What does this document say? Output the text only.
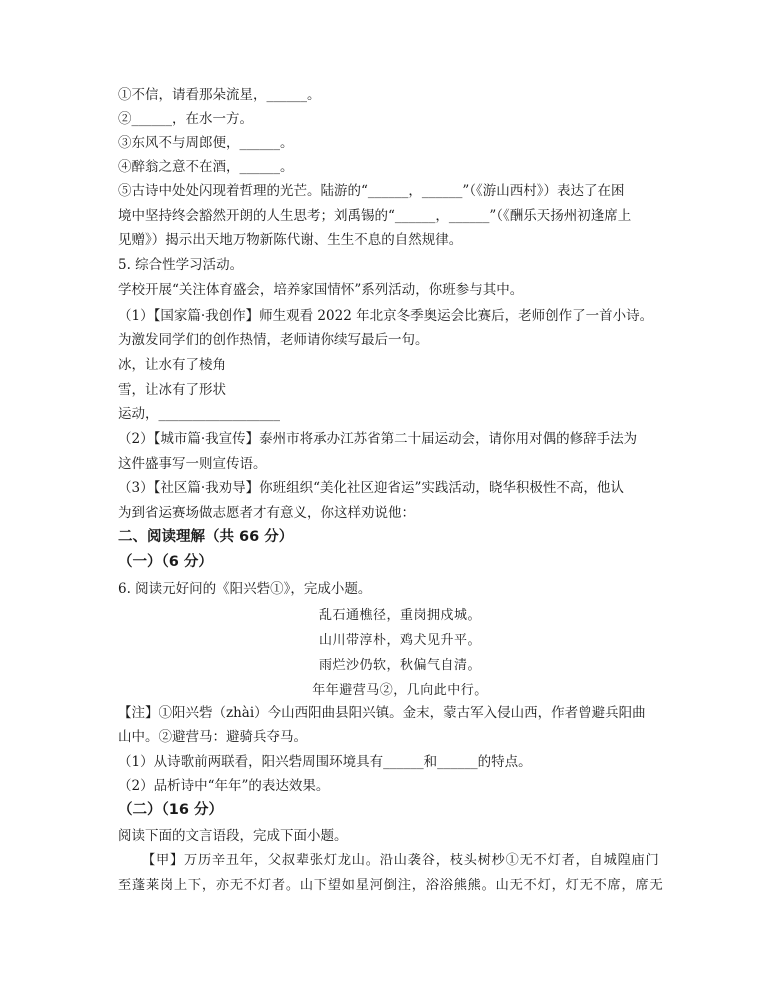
①不信，请看那朵流星，______。
②______，在水一方。
③东风不与周郎便，______。
④醉翁之意不在酒，______。
⑤古诗中处处闪现着哲理的光芒。陆游的“______，______”（《游山西村》）表达了在困
境中坚持终会豁然开朗的人生思考；刘禹锡的“______，______”（《酬乐天扬州初逢席上
见赠》）揭示出天地万物新陈代谢、生生不息的自然规律。
5. 综合性学习活动。
学校开展“关注体育盛会，培养家国情怀”系列活动，你班参与其中。
（1）【国家篇·我创作】师生观看 2022 年北京冬季奥运会比赛后，老师创作了一首小诗。
为激发同学们的创作热情，老师请你续写最后一句。
冰，让水有了棱角
雪，让冰有了形状
运动，__________________
（2）【城市篇·我宣传】泰州市将承办江苏省第二十届运动会，请你用对偶的修辞手法为
这件盛事写一则宣传语。
（3）【社区篇·我劝导】你班组织“美化社区迎省运”实践活动，晓华积极性不高，他认
为到省运赛场做志愿者才有意义，你这样劝说他：
二、阅读理解（共 66 分）
（一）（6 分）
6. 阅读元好问的《阳兴砦①》，完成小题。
乱石通樵径，重岗拥戍城。
山川带淳朴，鸡犬见升平。
雨烂沙仍软，秋偏气自清。
年年避营马②，几向此中行。
【注】①阳兴砦（zhài）今山西阳曲县阳兴镇。金末，蒙古军入侵山西，作者曾避兵阳曲
山中。②避营马：避骑兵夺马。
（1）从诗歌前两联看，阳兴砦周围环境具有______和______的特点。
（2）品析诗中“年年”的表达效果。
（二）（16 分）
阅读下面的文言语段，完成下面小题。
【甲】万历辛丑年，父叔辈张灯龙山。沿山袭谷，枝头树杪①无不灯者，自城隍庙门
至蓬莱岗上下，亦无不灯者。山下望如星河倒注，浴浴熊熊。山无不灯，灯无不席，席无
